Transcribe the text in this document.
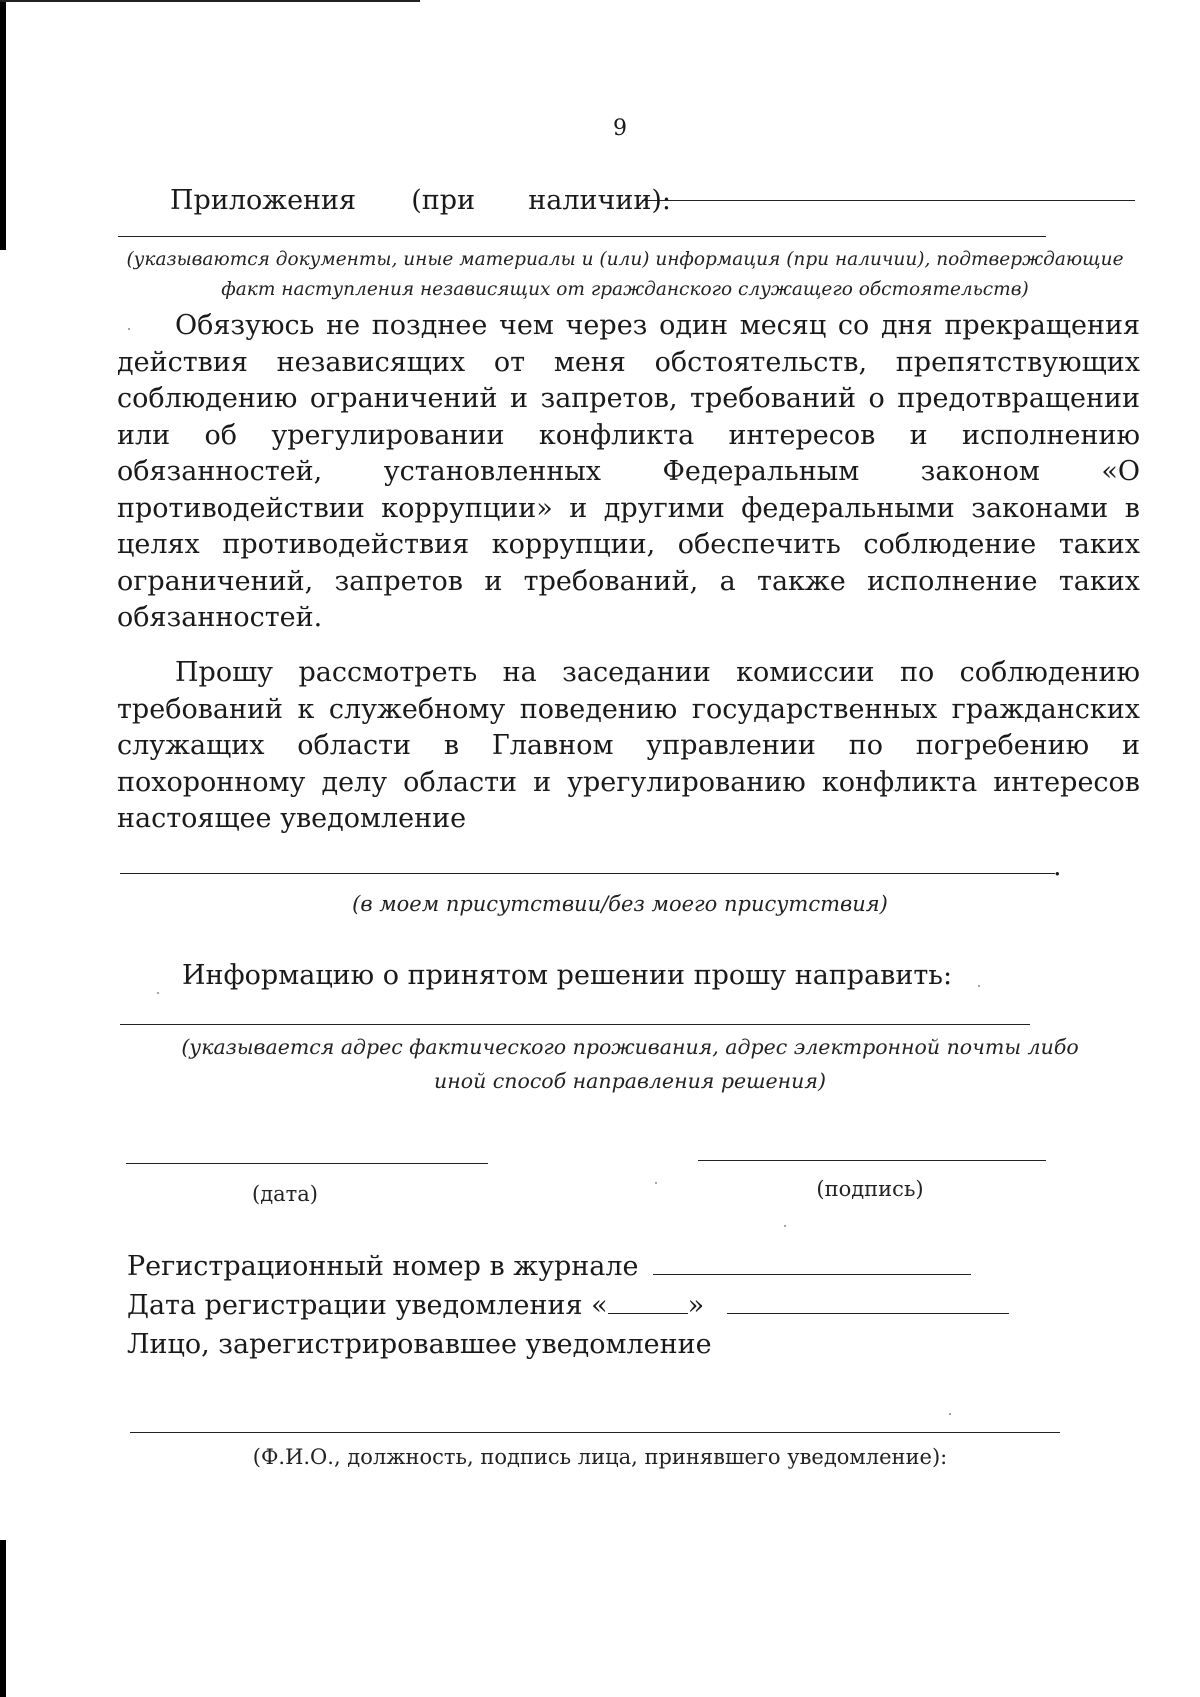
9
Приложения (при наличии):
(указываются документы, иные материалы и (или) информация (при наличии), подтверждающие
факт наступления независящих от гражданского служащего обстоятельств)
Обязуюсь не позднее чем через один месяц со дня прекращения действия независящих от меня обстоятельств, препятствующих соблюдению ограничений и запретов, требований о предотвращении или об урегулировании конфликта интересов и исполнению обязанностей, установленных Федеральным законом «О противодействии коррупции» и другими федеральными законами в целях противодействия коррупции, обеспечить соблюдение таких ограничений, запретов и требований, а также исполнение таких обязанностей.
Прошу рассмотреть на заседании комиссии по соблюдению требований к служебному поведению государственных гражданских служащих области в Главном управлении по погребению и похоронному делу области и урегулированию конфликта интересов настоящее уведомление
.
(в моем присутствии/без моего присутствия)
Информацию о принятом решении прошу направить:
(указывается адрес фактического проживания, адрес электронной почты либо
иной способ направления решения)
(дата)	(подпись)
Регистрационный номер в журнале
Дата регистрации уведомления «	»
Лицо, зарегистрировавшее уведомление
(Ф.И.О., должность, подпись лица, принявшего уведомление):
